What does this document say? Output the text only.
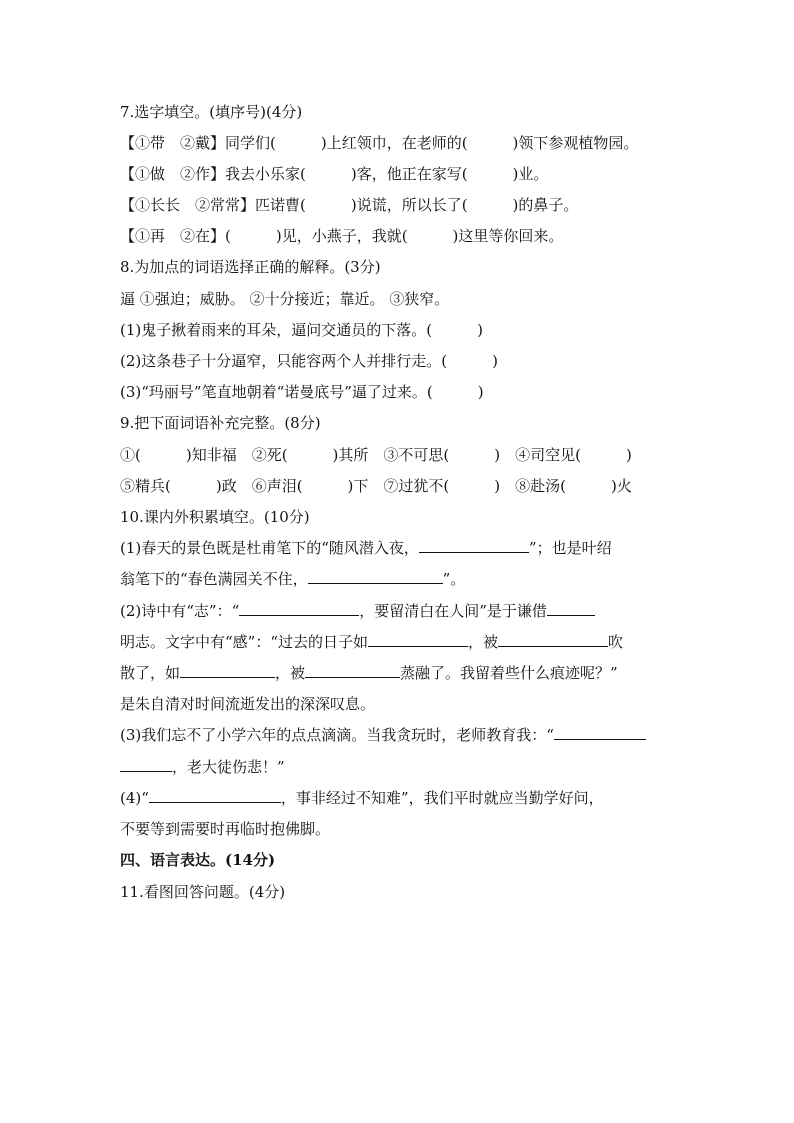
7.选字填空。(填序号)(4分)
【①带　②戴】同学们(　　　)上红领巾，在老师的(　　　)领下参观植物园。
【①做　②作】我去小乐家(　　　)客，他正在家写(　　　)业。
【①长长　②常常】匹诺曹(　　　)说谎，所以长了(　　　)的鼻子。
【①再　②在】(　　　)见，小燕子，我就(　　　)这里等你回来。
8.为加点的词语选择正确的解释。(3分)
逼 ①强迫；威胁。 ②十分接近；靠近。 ③狭窄。
(1)鬼子揪着雨来的耳朵，逼问交通员的下落。(　　　)
(2)这条巷子十分逼窄，只能容两个人并排行走。(　　　)
(3)“玛丽号”笔直地朝着“诺曼底号”逼了过来。(　　　)
9.把下面词语补充完整。(8分)
①(　　　)知非福　②死(　　　)其所　③不可思(　　　)　④司空见(　　　)
⑤精兵(　　　)政　⑥声泪(　　　)下　⑦过犹不(　　　)　⑧赴汤(　　　)火
10.课内外积累填空。(10分)
(1)春天的景色既是杜甫笔下的“随风潜入夜，	”；也是叶绍
翁笔下的“春色满园关不住，	”。
(2)诗中有“志”：“	，要留清白在人间”是于谦借
明志。文字中有“感”：“过去的日子如	，被	吹
散了，如	，被	蒸融了。我留着些什么痕迹呢？”
是朱自清对时间流逝发出的深深叹息。
(3)我们忘不了小学六年的点点滴滴。当我贪玩时，老师教育我：“
，老大徒伤悲！”
(4)“	，事非经过不知难”，我们平时就应当勤学好问，
不要等到需要时再临时抱佛脚。
四、语言表达。(14分)
11.看图回答问题。(4分)
